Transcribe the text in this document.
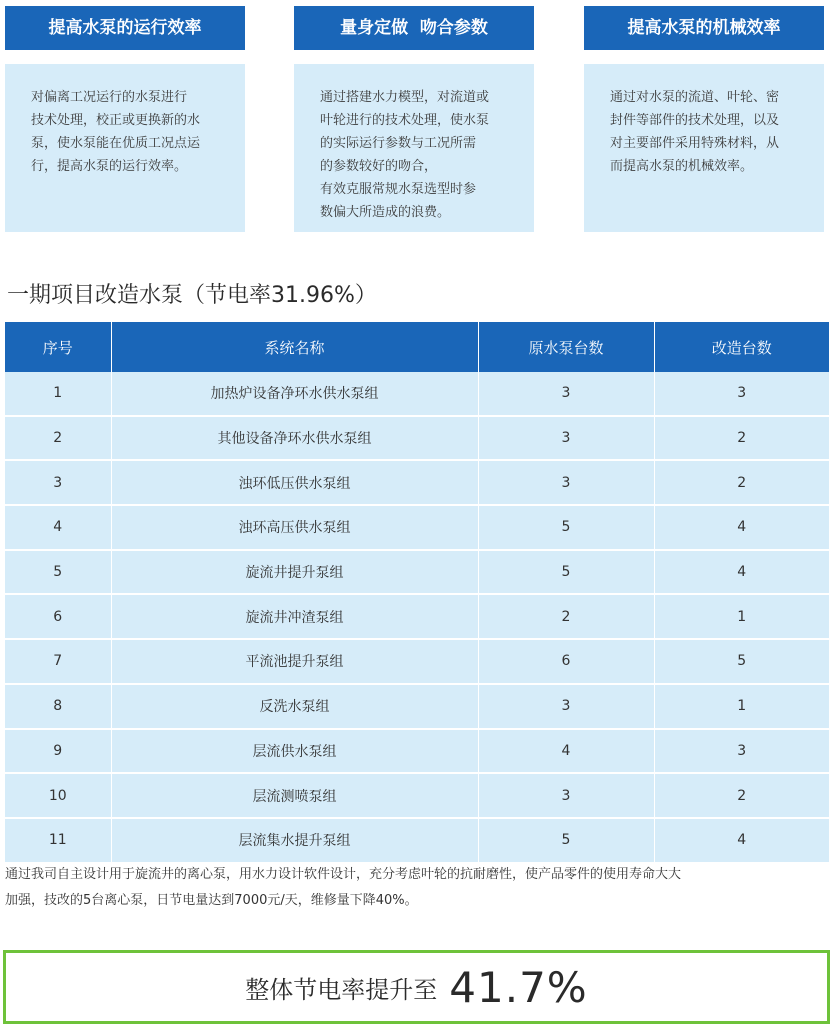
提高水泵的运行效率
对偏离工况运行的水泵进行
技术处理，校正或更换新的水
泵，使水泵能在优质工况点运
行，提高水泵的运行效率。
量身定做  吻合参数
通过搭建水力模型，对流道或
叶轮进行的技术处理，使水泵
的实际运行参数与工况所需
的参数较好的吻合，
有效克服常规水泵选型时参
数偏大所造成的浪费。
提高水泵的机械效率
通过对水泵的流道、叶轮、密
封件等部件的技术处理，以及
对主要部件采用特殊材料，从
而提高水泵的机械效率。
一期项目改造水泵（节电率31.96%）
序号	系统名称	原水泵台数	改造台数
1	加热炉设备净环水供水泵组	3	3
2	其他设备净环水供水泵组	3	2
3	浊环低压供水泵组	3	2
4	浊环高压供水泵组	5	4
5	旋流井提升泵组	5	4
6	旋流井冲渣泵组	2	1
7	平流池提升泵组	6	5
8	反洗水泵组	3	1
9	层流供水泵组	4	3
10	层流测喷泵组	3	2
11	层流集水提升泵组	5	4
通过我司自主设计用于旋流井的离心泵，用水力设计软件设计，充分考虑叶轮的抗耐磨性，使产品零件的使用寿命大大
加强，技改的5台离心泵，日节电量达到7000元/天，维修量下降40%。
整体节电率提升至 41.7%
